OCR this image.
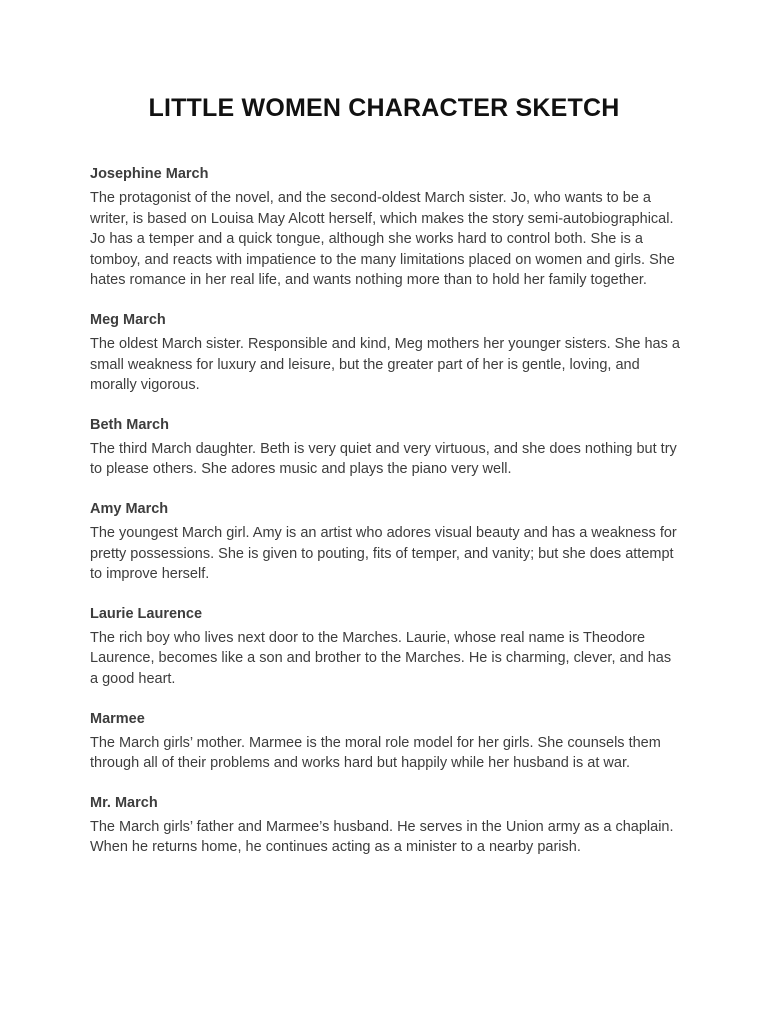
LITTLE WOMEN CHARACTER SKETCH

Josephine March

The protagonist of the novel, and the second-oldest March sister. Jo, who wants to be a writer, is based on Louisa May Alcott herself, which makes the story semi-autobiographical. Jo has a temper and a quick tongue, although she works hard to control both. She is a tomboy, and reacts with impatience to the many limitations placed on women and girls. She hates romance in her real life, and wants nothing more than to hold her family together.

Meg March

The oldest March sister. Responsible and kind, Meg mothers her younger sisters. She has a small weakness for luxury and leisure, but the greater part of her is gentle, loving, and morally vigorous.

Beth March

The third March daughter. Beth is very quiet and very virtuous, and she does nothing but try to please others. She adores music and plays the piano very well.

Amy March

The youngest March girl. Amy is an artist who adores visual beauty and has a weakness for pretty possessions. She is given to pouting, fits of temper, and vanity; but she does attempt to improve herself.

Laurie Laurence

The rich boy who lives next door to the Marches. Laurie, whose real name is Theodore Laurence, becomes like a son and brother to the Marches. He is charming, clever, and has a good heart.

Marmee

The March girls’ mother. Marmee is the moral role model for her girls. She counsels them through all of their problems and works hard but happily while her husband is at war.

Mr. March

The March girls’ father and Marmee’s husband. He serves in the Union army as a chaplain. When he returns home, he continues acting as a minister to a nearby parish.
